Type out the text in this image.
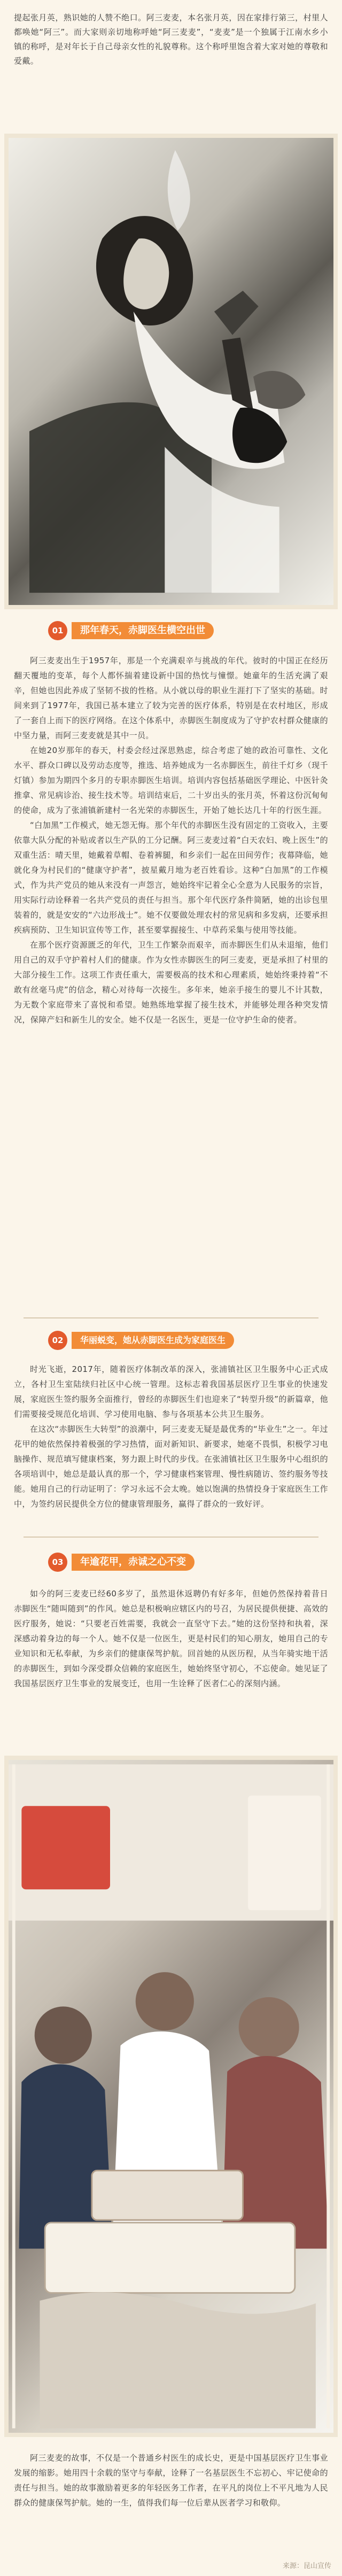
提起张月英，熟识她的人赞不绝口。阿三麦麦，本名张月英，因在家排行第三，村里人都唤她“阿三”。而大家则亲切地称呼她“阿三麦麦”，“麦麦”是一个独属于江南水乡小镇的称呼，是对年长于自己母亲女性的礼貌尊称。这个称呼里饱含着大家对她的尊敬和爱戴。
01	那年春天，赤脚医生横空出世

阿三麦麦出生于1957年，那是一个充满艰辛与挑战的年代。彼时的中国正在经历翻天覆地的变革，每个人都怀揣着建设新中国的热忱与憧憬。她童年的生活充满了艰辛，但她也因此养成了坚韧不拔的性格。从小就以母的职业生涯打下了坚实的基础。时间来到了1977年，我国已基本建立了较为完善的医疗体系，特别是在农村地区，形成了一套自上而下的医疗网络。在这个体系中，赤脚医生制度成为了守护农村群众健康的中坚力量，而阿三麦麦就是其中一员。

在她20岁那年的春天，村委会经过深思熟虑，综合考虑了她的政治可靠性、文化水平、群众口碑以及劳动态度等，推选、培养她成为一名赤脚医生，前往千灯乡（现千灯镇）参加为期四个多月的专职赤脚医生培训。培训内容包括基础医学理论、中医针灸推拿、常见病诊治、接生技术等。培训结束后，二十岁出头的张月英，怀着这份沉甸甸的使命，成为了张浦镇新建村一名光荣的赤脚医生，开始了她长达几十年的行医生涯。

“白加黑”工作模式，她无怨无悔。那个年代的赤脚医生没有固定的工资收入，主要依靠大队分配的补贴或者以生产队的工分记酬。阿三麦麦过着“白天农妇、晚上医生”的双重生活：晴天里，她戴着草帽、卷着裤腿，和乡亲们一起在田间劳作；夜幕降临，她就化身为村民们的“健康守护者”，披星戴月地为老百姓看诊。这种“白加黑”的工作模式，作为共产党员的她从来没有一声怨言，她始终牢记着全心全意为人民服务的宗旨，用实际行动诠释着一名共产党员的责任与担当。那个年代医疗条件简陋，她的出诊包里装着的，就是安安的“六边形战士”。她不仅要做处理农村的常见病和多发病，还要承担疾病预防、卫生知识宣传等工作，甚至要掌握接生、中草药采集与使用等技能。

在那个医疗资源匮乏的年代，卫生工作繁杂而艰辛，而赤脚医生们从未退缩，他们用自己的双手守护着村人们的健康。作为女性赤脚医生的阿三麦麦，更是承担了村里的大部分接生工作。这项工作责任重大，需要极高的技术和心理素质，她始终秉持着“不敢有丝毫马虎”的信念，精心对待每一次接生。多年来，她亲手接生的婴儿不计其数，为无数个家庭带来了喜悦和希望。她熟练地掌握了接生技术，并能够处理各种突发情况，保障产妇和新生儿的安全。她不仅是一名医生，更是一位守护生命的使者。

02	华丽蜕变，她从赤脚医生成为家庭医生

时光飞逝，2017年，随着医疗体制改革的深入，张浦镇社区卫生服务中心正式成立，各村卫生室陆续归社区中心统一管理。这标志着我国基层医疗卫生事业的快速发展，家庭医生签约服务全面推行，曾经的赤脚医生们也迎来了“转型升级”的新篇章，他们需要接受规范化培训、学习使用电脑、参与各项基本公共卫生服务。

在这次“赤脚医生大转型”的浪潮中，阿三麦麦无疑是最优秀的“毕业生”之一。年过花甲的她依然保持着极强的学习热情，面对新知识、新要求，她毫不畏惧，积极学习电脑操作、规范填写健康档案，努力跟上时代的步伐。在张浦镇社区卫生服务中心组织的各项培训中，她总是最认真的那一个，学习健康档案管理、慢性病随访、签约服务等技能。她用自己的行动证明了：学习永远不会太晚。她以饱满的热情投身于家庭医生工作中，为签约居民提供全方位的健康管理服务，赢得了群众的一致好评。

03	年逾花甲，赤诚之心不变

如今的阿三麦麦已经60多岁了，虽然退休返聘仍有好多年，但她仍然保持着昔日赤脚医生“随叫随到”的作风。她总是积极响应辖区内的号召，为居民提供便捷、高效的医疗服务，她说：“只要老百姓需要，我就会一直坚守下去。”她的这份坚持和执着，深深感动着身边的每一个人。她不仅是一位医生，更是村民们的知心朋友，她用自己的专业知识和无私奉献，为乡亲们的健康保驾护航。回首她的从医历程，从当年骑实地干活的赤脚医生，到如今深受群众信赖的家庭医生，她始终坚守初心，不忘使命。她见证了我国基层医疗卫生事业的发展变迁，也用一生诠释了医者仁心的深刻内涵。

阿三麦麦的故事，不仅是一个普通乡村医生的成长史，更是中国基层医疗卫生事业发展的缩影。她用四十余载的坚守与奉献，诠释了一名基层医生不忘初心、牢记使命的责任与担当。她的故事激励着更多的年轻医务工作者，在平凡的岗位上不平凡地为人民群众的健康保驾护航。她的一生，值得我们每一位后辈从医者学习和敬仰。

来源：昆山宣传
